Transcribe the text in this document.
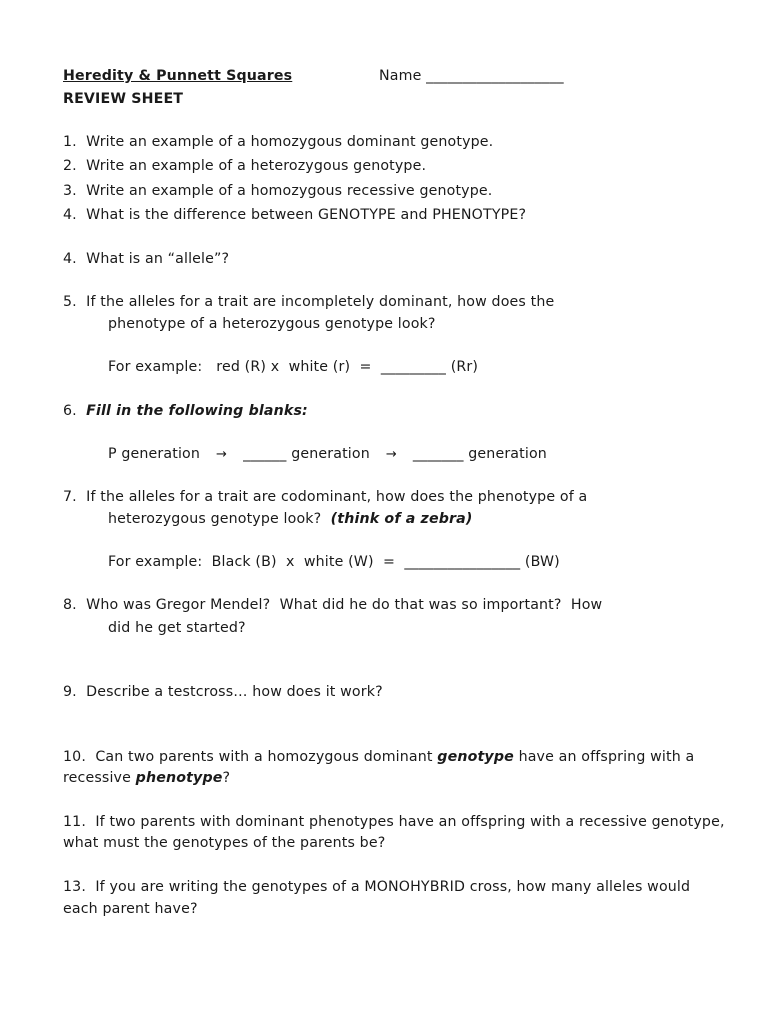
Heredity & Punnett Squares	Name ___________________
REVIEW SHEET
1.  Write an example of a homozygous dominant genotype.
2.  Write an example of a heterozygous genotype.
3.  Write an example of a homozygous recessive genotype.
4.  What is the difference between GENOTYPE and PHENOTYPE?
4.  What is an “allele”?
5.  If the alleles for a trait are incompletely dominant, how does the
phenotype of a heterozygous genotype look?
For example:   red (R) x  white (r)  =  _________ (Rr)
6.  Fill in the following blanks:
P generation → ______ generation → _______ generation
7.  If the alleles for a trait are codominant, how does the phenotype of a
heterozygous genotype look?  (think of a zebra)
For example:  Black (B)  x  white (W)  =  ________________ (BW)
8.  Who was Gregor Mendel?  What did he do that was so important?  How
did he get started?
9.  Describe a testcross… how does it work?
10.  Can two parents with a homozygous dominant genotype have an offspring with a
recessive phenotype?
11.  If two parents with dominant phenotypes have an offspring with a recessive genotype,
what must the genotypes of the parents be?
13.  If you are writing the genotypes of a MONOHYBRID cross, how many alleles would
each parent have?
